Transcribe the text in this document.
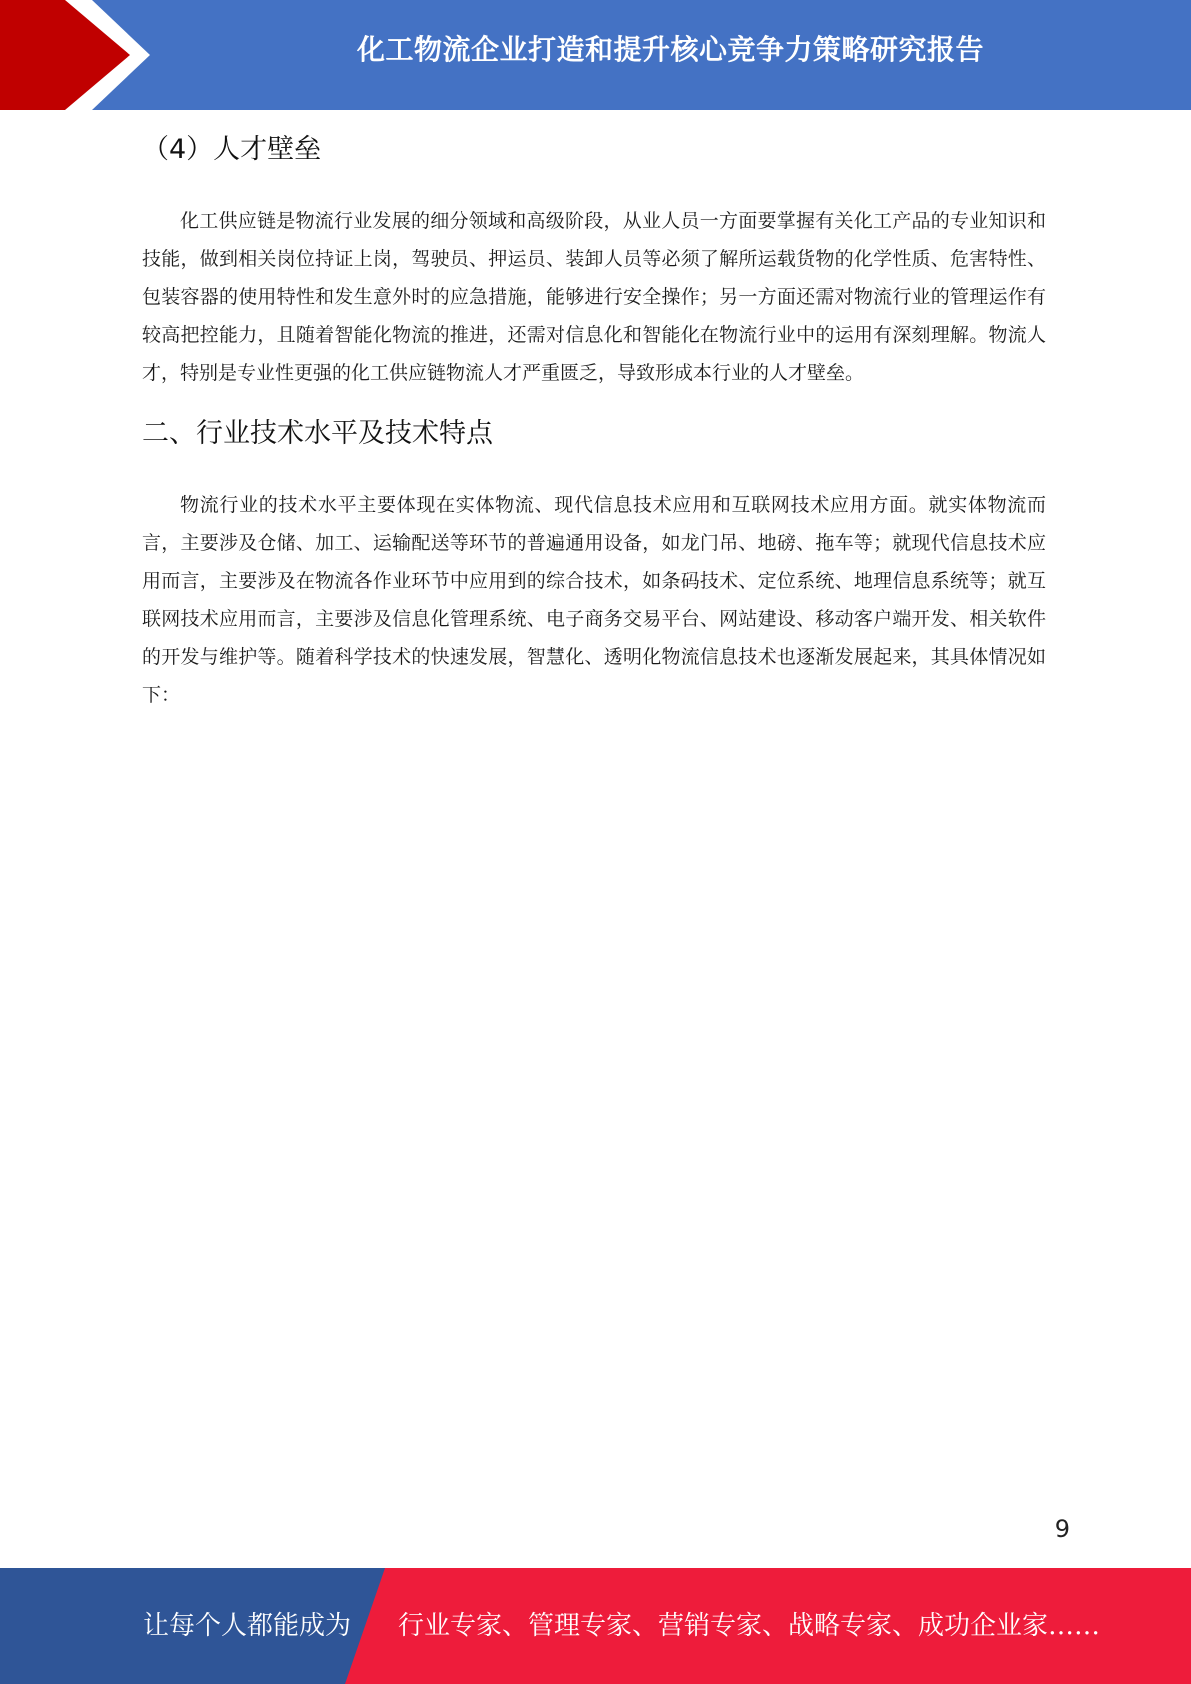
化工物流企业打造和提升核心竞争力策略研究报告
（4）人才壁垒

化工供应链是物流行业发展的细分领域和高级阶段，从业人员一方面要掌握有关化工产品的专业知识和技能，做到相关岗位持证上岗，驾驶员、押运员、装卸人员等必须了解所运载货物的化学性质、危害特性、包装容器的使用特性和发生意外时的应急措施，能够进行安全操作；另一方面还需对物流行业的管理运作有较高把控能力，且随着智能化物流的推进，还需对信息化和智能化在物流行业中的运用有深刻理解。物流人才，特别是专业性更强的化工供应链物流人才严重匮乏，导致形成本行业的人才壁垒。

二、行业技术水平及技术特点

物流行业的技术水平主要体现在实体物流、现代信息技术应用和互联网技术应用方面。就实体物流而言，主要涉及仓储、加工、运输配送等环节的普遍通用设备，如龙门吊、地磅、拖车等；就现代信息技术应用而言，主要涉及在物流各作业环节中应用到的综合技术，如条码技术、定位系统、地理信息系统等；就互联网技术应用而言，主要涉及信息化管理系统、电子商务交易平台、网站建设、移动客户端开发、相关软件的开发与维护等。随着科学技术的快速发展，智慧化、透明化物流信息技术也逐渐发展起来，其具体情况如下：

9
让每个人都能成为 行业专家、管理专家、营销专家、战略专家、成功企业家……
